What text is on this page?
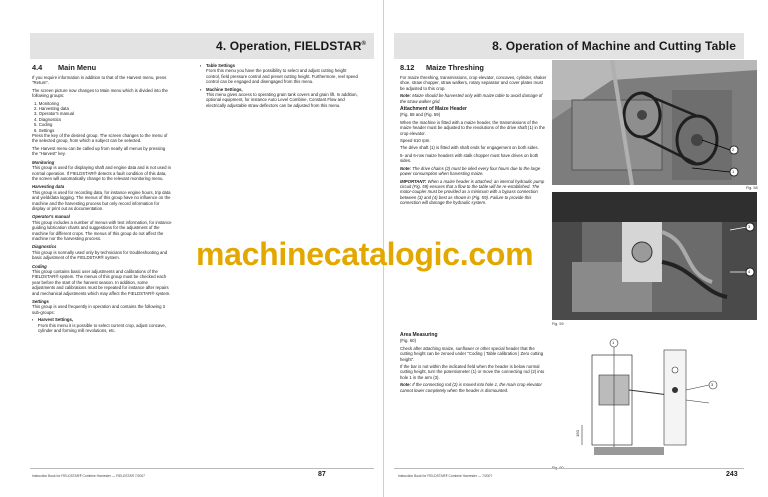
4. Operation, FIELDSTAR®
4.4 Main Menu

If you require information in addition to that of the Harvest menu, press "Return".

The screen picture now changes to Main menu which is divided into the following groups:

1. Monitoring
2. Harvesting data
3. Operator's manual
4. Diagnostics
5. Coding
6. Settings

Press the key of the desired group. The screen changes to the menu of the selected group, from which a subject can be selected.

The Harvest menu can be called up from nearly all menus by pressing the "Harvest" key.

Monitoring

This group is used for displaying shaft and engine data and is not used in normal operation. If FIELDSTAR® detects a fault condition of this data, the screen will automatically change to the relevant monitoring menu.

Harvesting data

This group is used for recording data, for instance engine hours, trip data and yield/data logging. The menus of this group have no influence on the machine and the harvesting process but only record information for display or print out as documentation.

Operator's manual

This group includes a number of menus with text information, for instance guiding lubrication charts and suggestions for the adjustment of the machine for different crops. The menus of this group do not affect the machine nor the harvesting process.

Diagnostics

This group is normally used only by technicians for troubleshooting and basic adjustment of the FIELDSTAR® system.

Coding

This group contains basic user adjustments and calibrations of the FIELDSTAR® system. The menus of this group must be checked each year before the start of the harvest season. In addition, some adjustments and calibrations must be repeated for instance after repairs and mechanical adjustments which may affect the FIELDSTAR® system.

Settings

This group is used frequently in operation and contains the following 3 sub-groups:

▪ Harvest Settings,
From this menu it is possible to select current crop, adjust concave, cylinder and forming mill revolutions, etc.
▪ Table Settings
From this menu you have the possibility to select and adjust cutting height control, field pressure control and preset cutting height. Furthermore, reel speed control can be engaged and disengaged from this menu.
▪ Machine Settings,
This menu gives access to operating grain tank covers and grain lift. In addition, optional equipment, for instance Auto Level Combine, Constant Flow and electrically adjustable straw deflectors can be adjusted from this menu.
Instruction Book for FIELDSTAR® Combine Harvester — FIELDSTAR 7/2007	87
8. Operation of Machine and Cutting Table
8.12 Maize Threshing

For maize threshing, transmissions, crop elevator, concaves, cylinder, shaker shoe, straw chopper, straw walkers, rotary separator and cover plates must be adjusted to this crop.

Note: Maize should be harvested only with maize table to avoid damage of the straw walker grid.

Attachment of Maize Header

(Fig. 58 and (Fig. 59)

When the machine is fitted with a maize header, the transmissions of the maize header must be adjusted to the revolutions of the drive shaft (1) in the crop elevator.

Speed 610 rpm.

The drive shaft (1) is fitted with shaft ends for engagement on both sides.

5- and 6-row maize headers with stalk chopper must have drives on both sides.

Note: The drive chains (2) must be oiled every four hours due to the large power consumption when harvesting maize.

IMPORTANT: When a maize header is attached, an internal hydraulic pump circuit (Fig. 59) ensures that a flow to the table will be re-established. The motor-coupler must be provided as a minimum with a bypass connection between (3) and (4) best as shown in (Fig. 59). Failure to provide this connection will damage the hydraulic system.

Area Measuring

(Fig. 60)

Check after attaching maize, sunflower or other special header that the cutting height can be zeroed under "Coding | Table calibration | Zero cutting height".

If the bar is not within the indicated field when the header is below normal cutting height, turn the potentiometer (1) or move the connecting rod (2) into hole 1 in the arm (3).

Note: If the connecting rod (2) is moved into hole 1, the main crop elevator cannot lower completely when the header is dismounted.

2
1
Fig. 58
3
4
Fig. 59
1
3
150
Instruction Book for FIELDSTAR® Combine Harvester — 7/2007	243
machinecatalogic.com
